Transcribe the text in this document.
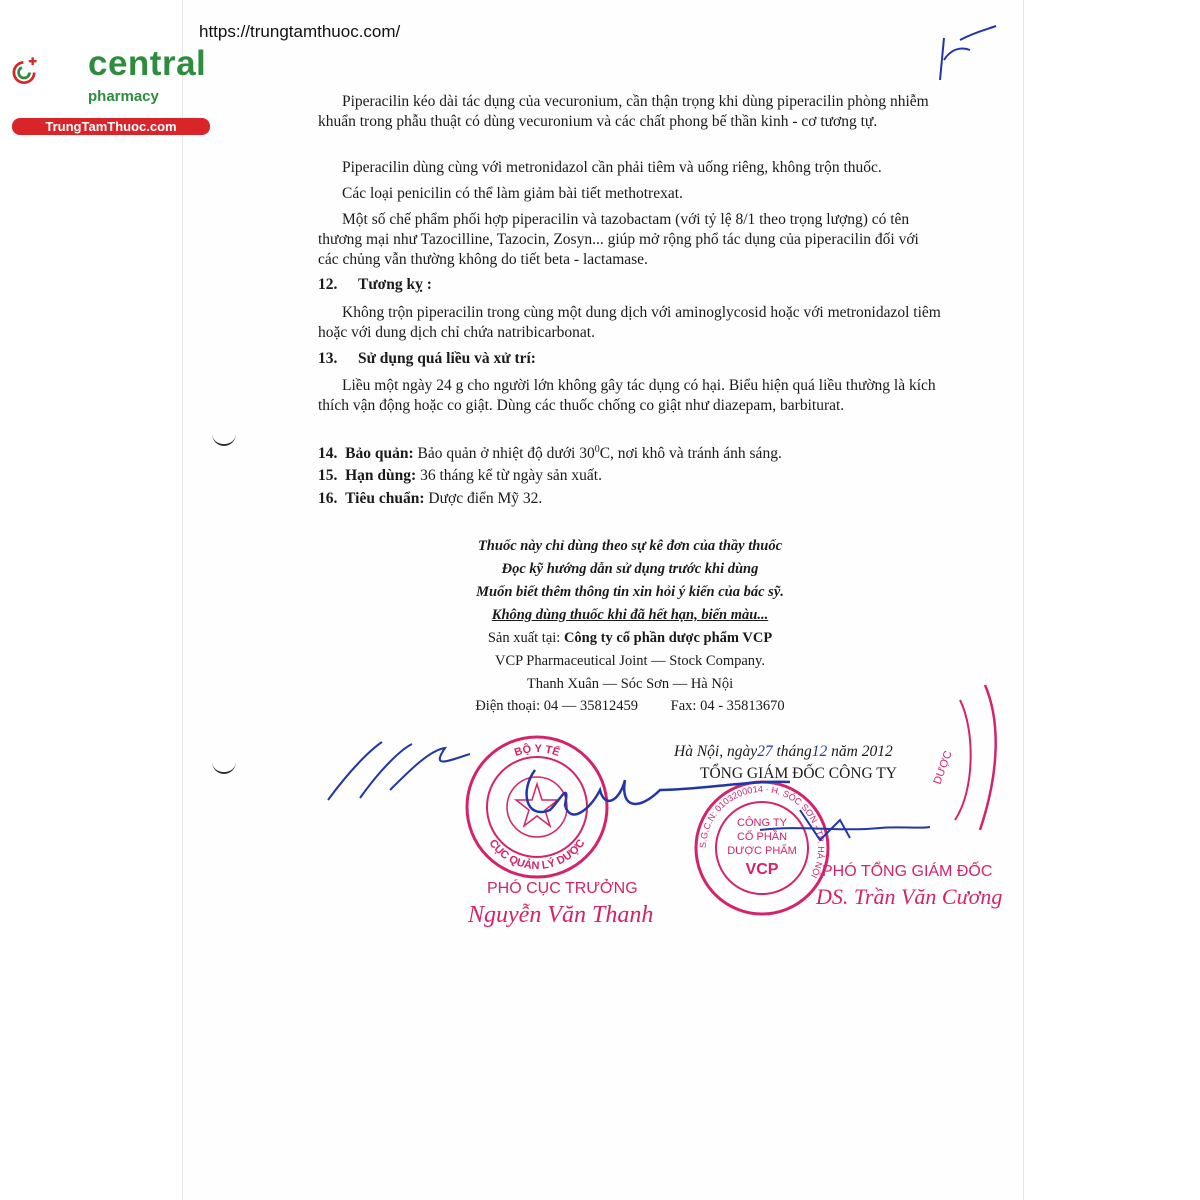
https://trungtamthuoc.com/
central
pharmacy
TrungTamThuoc.com
Piperacilin kéo dài tác dụng của vecuronium, cần thận trọng khi dùng piperacilin phòng nhiễm khuẩn trong phẫu thuật có dùng vecuronium và các chất phong bế thần kinh - cơ tương tự.
Piperacilin dùng cùng với metronidazol cần phải tiêm và uống riêng, không trộn thuốc.
Các loại penicilin có thể làm giảm bài tiết methotrexat.
Một số chế phẩm phối hợp piperacilin và tazobactam (với tỷ lệ 8/1 theo trọng lượng) có tên thương mại như Tazocilline, Tazocin, Zosyn... giúp mở rộng phổ tác dụng của piperacilin đối với các chủng vẫn thường không do tiết beta - lactamase.
12. Tương kỵ :
Không trộn piperacilin trong cùng một dung dịch với aminoglycosid hoặc với metronidazol tiêm hoặc với dung dịch chỉ chứa natribicarbonat.
13. Sử dụng quá liều và xử trí:
Liều một ngày 24 g cho người lớn không gây tác dụng có hại. Biểu hiện quá liều thường là kích thích vận động hoặc co giật. Dùng các thuốc chống co giật như diazepam, barbiturat.
14. Bảo quản: Bảo quản ở nhiệt độ dưới $30^0C$, nơi khô và tránh ánh sáng.
15. Hạn dùng: 36 tháng kể từ ngày sản xuất.
16. Tiêu chuẩn: Dược điển Mỹ 32.
Thuốc này chỉ dùng theo sự kê đơn của thầy thuốc
Đọc kỹ hướng dẫn sử dụng trước khi dùng
Muốn biết thêm thông tin xin hỏi ý kiến của bác sỹ.
Không dùng thuốc khi đã hết hạn, biến màu...
Sản xuất tại: Công ty cổ phần dược phẩm VCP
VCP Pharmaceutical Joint — Stock Company.
Thanh Xuân — Sóc Sơn — Hà Nội
Điện thoại: 04 — 35812459 Fax: 04 - 35813670
Hà Nội, ngày27 tháng12 năm 2012
TỔNG GIÁM ĐỐC CÔNG TY
BỘ Y TẾ
CỤC QUẢN LÝ DƯỢC	S.G.C.N: 0103200014 · H. SÓC SƠN - TP. HÀ NỘI
CÔNG TY
CỔ PHẦN
DƯỢC PHẨM
VCP
DƯỢC
PHÓ CỤC TRƯỞNG
Nguyễn Văn Thanh
PHÓ TỔNG GIÁM ĐỐC
DS. Trần Văn Cương
